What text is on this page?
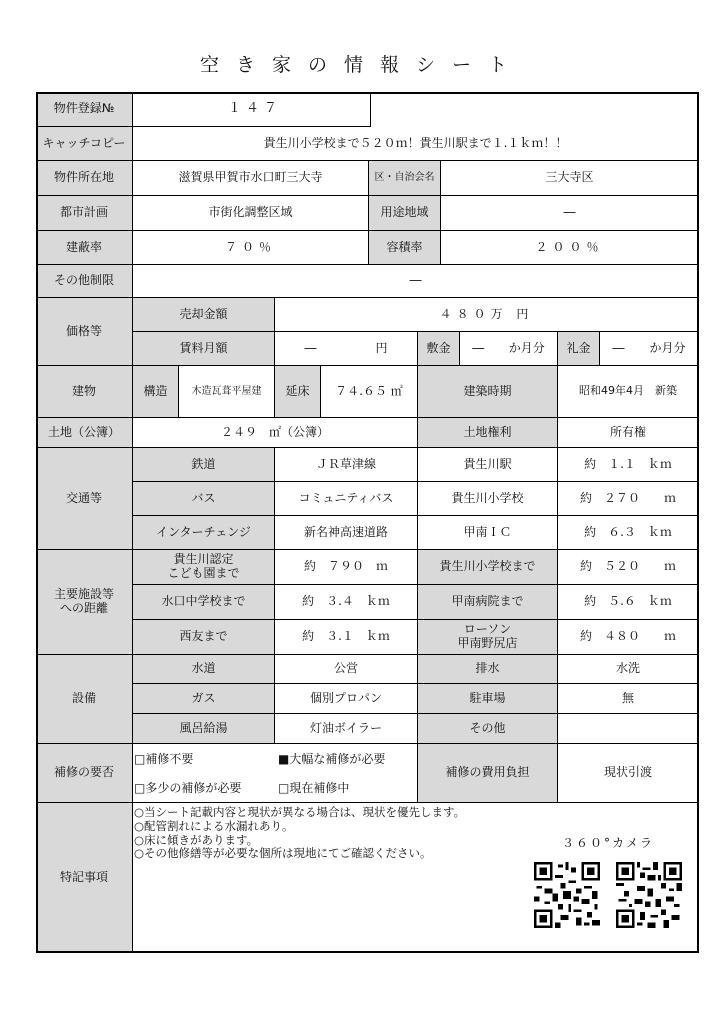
空き家の情報シート
物件登録№	１４７
キャッチコピー	貴生川小学校まで５２０ｍ！貴生川駅まで１.１ｋｍ！！
物件所在地	滋賀県甲賀市水口町三大寺	区・自治会名	三大寺区
都市計画	市街化調整区域	用途地域	―
建蔽率	７０％	容積率	２００％
その他制限	―
価格等
売却金額	４８０万 円
賃料月額	―	円	敷金	― か月分	礼金	― か月分
建物	構造	木造瓦葺平屋建	延床	７４.６５ ㎡	建築時期	昭和49年4月　新築
土地（公簿）	２４９　㎡（公簿）	土地権利	所有権
交通等
鉄道	ＪＲ草津線	貴生川駅	約　１.１　ｋｍ
バス	コミュニティバス	貴生川小学校	約　２７０　　ｍ
インターチェンジ	新名神高速道路	甲南ＩＣ	約　６.３　ｋｍ
主要施設等
への距離
貴生川認定
こども園まで	約　７９０　ｍ	貴生川小学校まで	約　５２０　　ｍ
水口中学校まで	約　３.４　ｋｍ	甲南病院まで	約　５.６　ｋｍ
西友まで	約　３.１　ｋｍ	ローソン
甲南野尻店	約　４８０　　ｍ
設備
水道	公営	排水	水洗
ガス	個別プロパン	駐車場	無
風呂給湯	灯油ボイラー	その他
補修の要否
□補修不要	■大幅な補修が必要
□多少の補修が必要	□現在補修中
補修の費用負担	現状引渡
特記事項
○当シート記載内容と現状が異なる場合は、現状を優先します。
○配管割れによる水漏れあり。
○床に傾きがあります。
○その他修繕等が必要な個所は現地にてご確認ください。
３６０°カメラ
